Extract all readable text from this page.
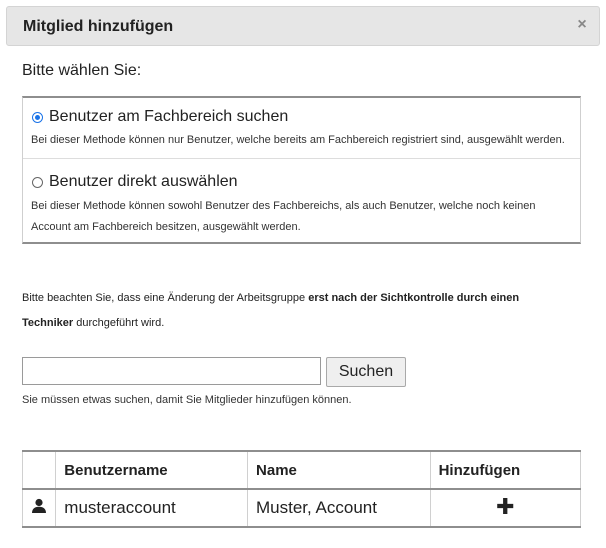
Mitglied hinzufügen	×
Bitte wählen Sie:
Benutzer am Fachbereich suchen
Bei dieser Methode können nur Benutzer, welche bereits am Fachbereich registriert sind, ausgewählt werden.
Benutzer direkt auswählen
Bei dieser Methode können sowohl Benutzer des Fachbereichs, als auch Benutzer, welche noch keinen Account am Fachbereich besitzen, ausgewählt werden.
Bitte beachten Sie, dass eine Änderung der Arbeitsgruppe erst nach der Sichtkontrolle durch einen Techniker durchgeführt wird.
Suchen
Sie müssen etwas suchen, damit Sie Mitglieder hinzufügen können.
	Benutzername	Name	Hinzufügen
	musteraccount	Muster, Account	✚
